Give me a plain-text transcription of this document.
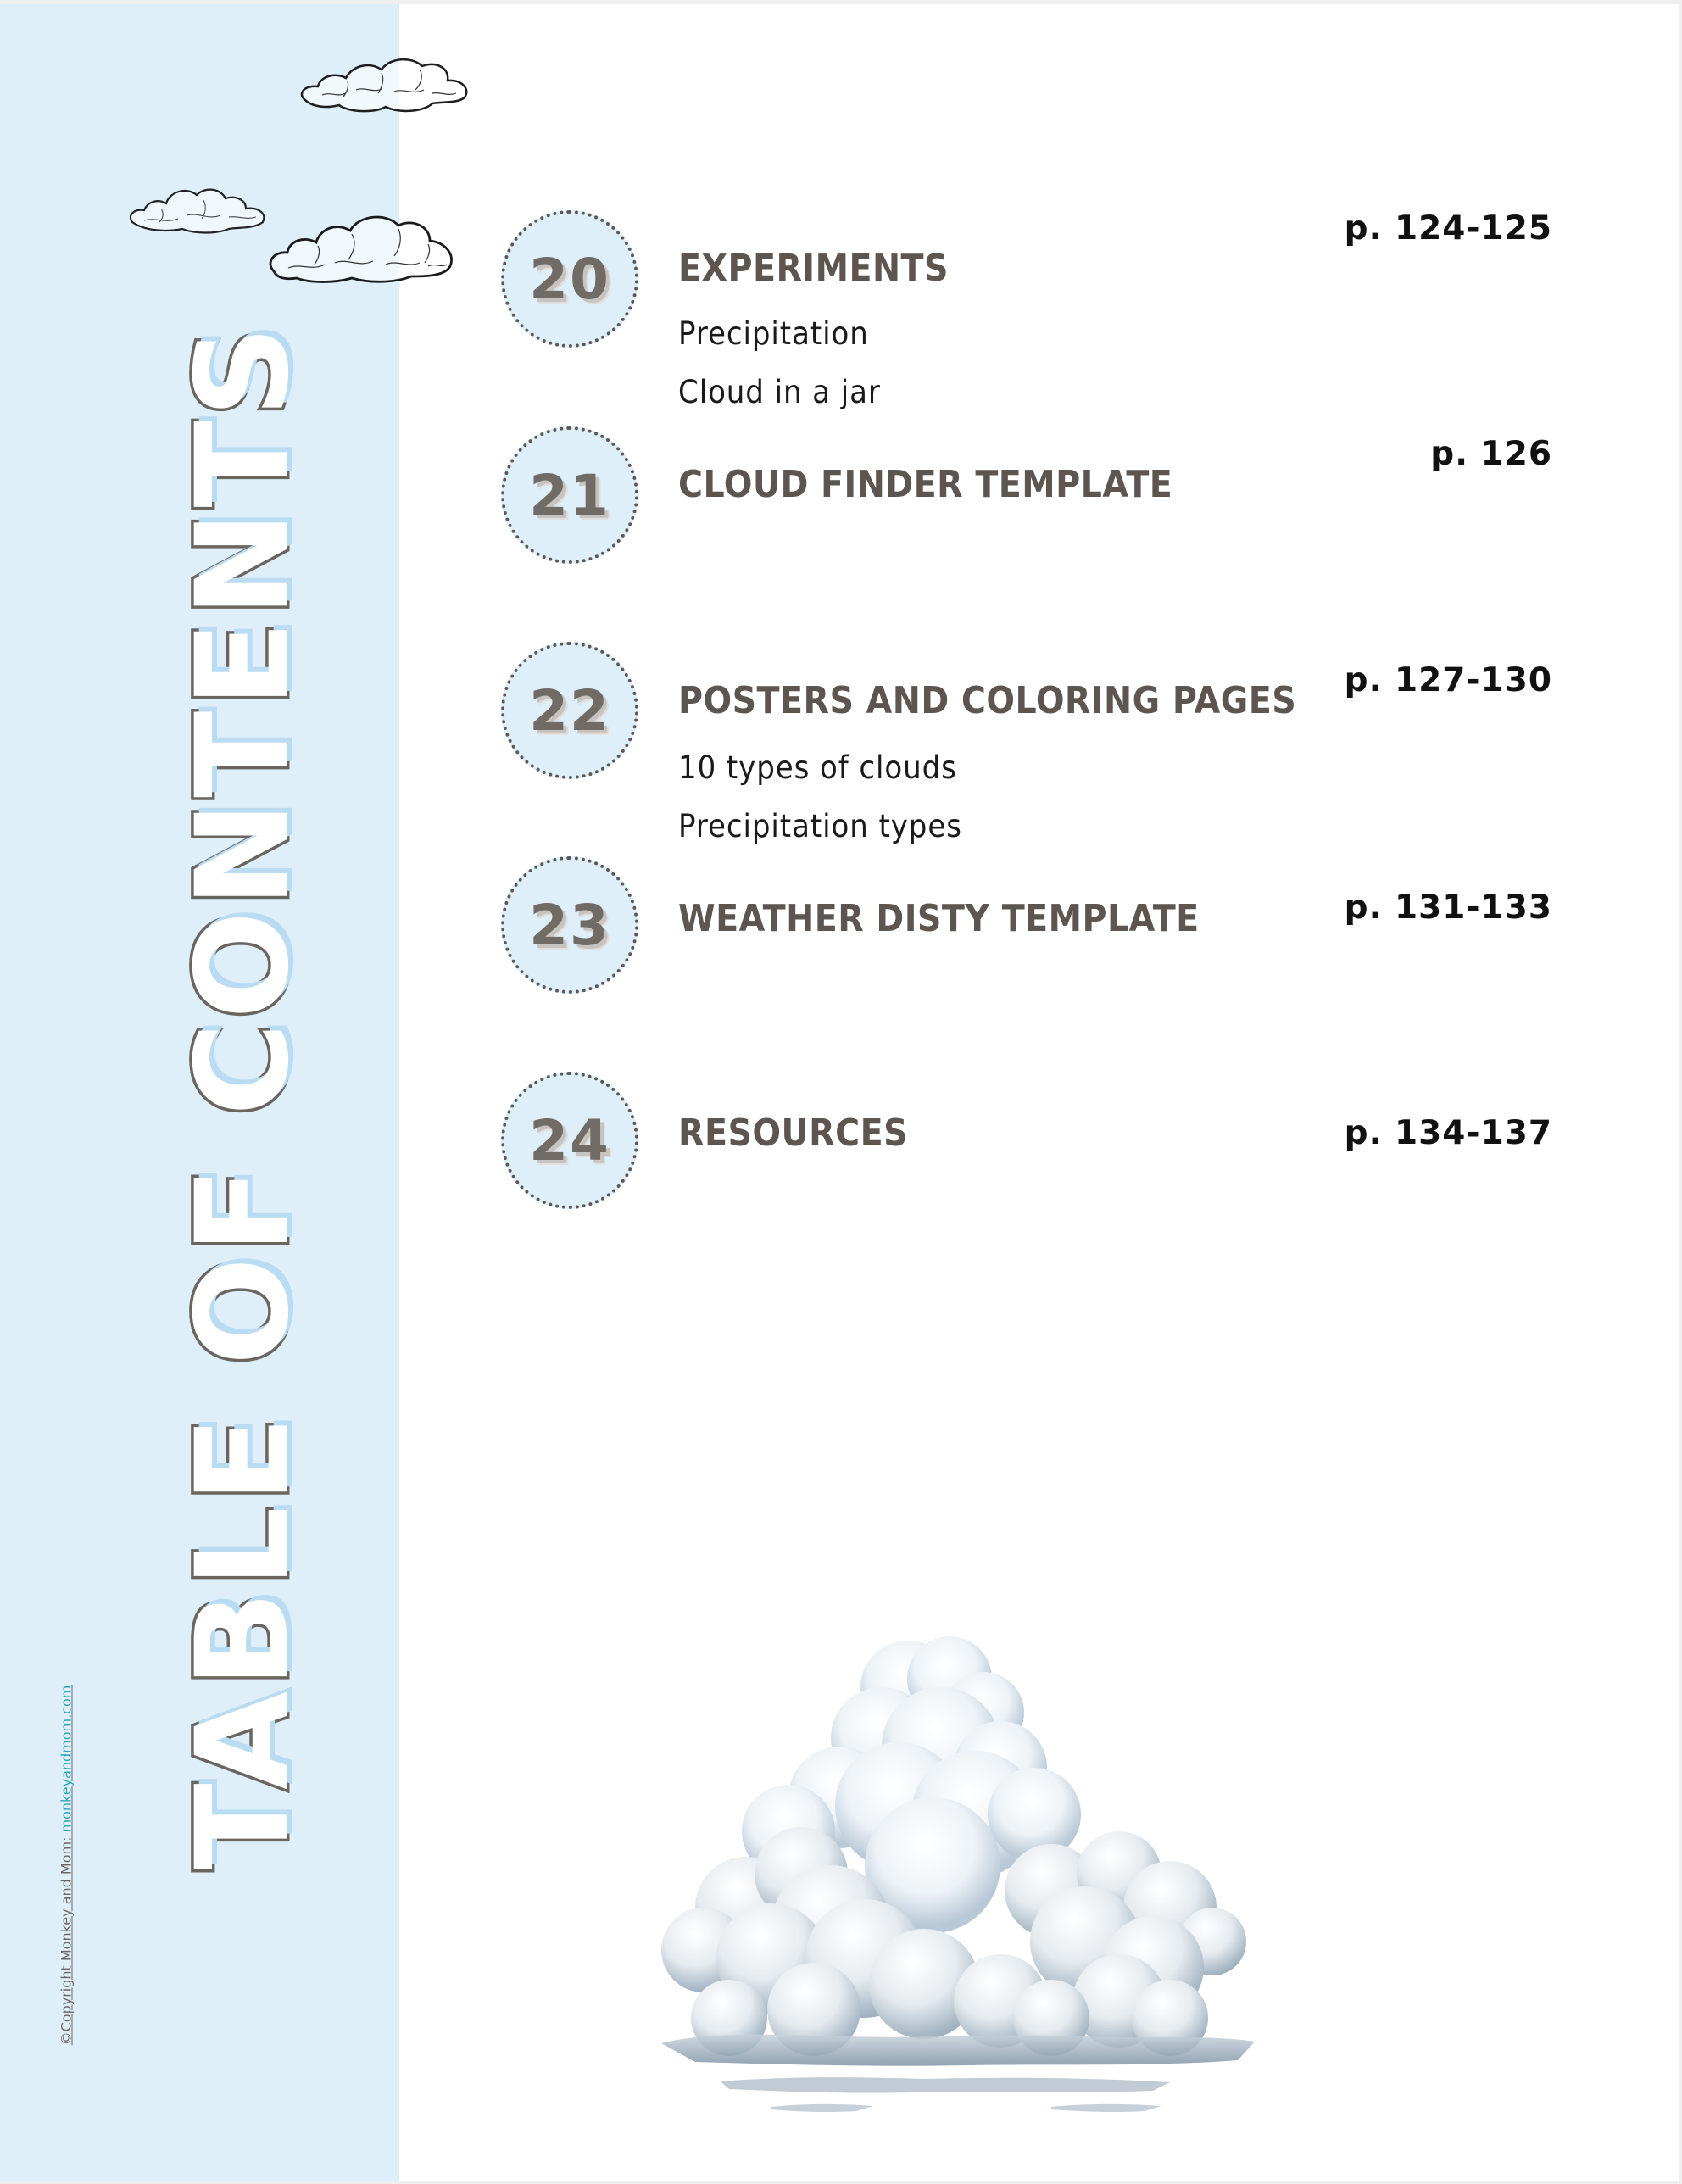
TABLE OF CONTENTS
©Copyright Monkey and Mom: monkeyandmom.com
20 EXPERIMENTS
Precipitation
Cloud in a jar
p. 124-125
21 CLOUD FINDER TEMPLATE
p. 126
22 POSTERS AND COLORING PAGES
10 types of clouds
Precipitation types
p. 127-130
23 WEATHER DISTY TEMPLATE	p. 131-133
24 RESOURCES	p. 134-137
